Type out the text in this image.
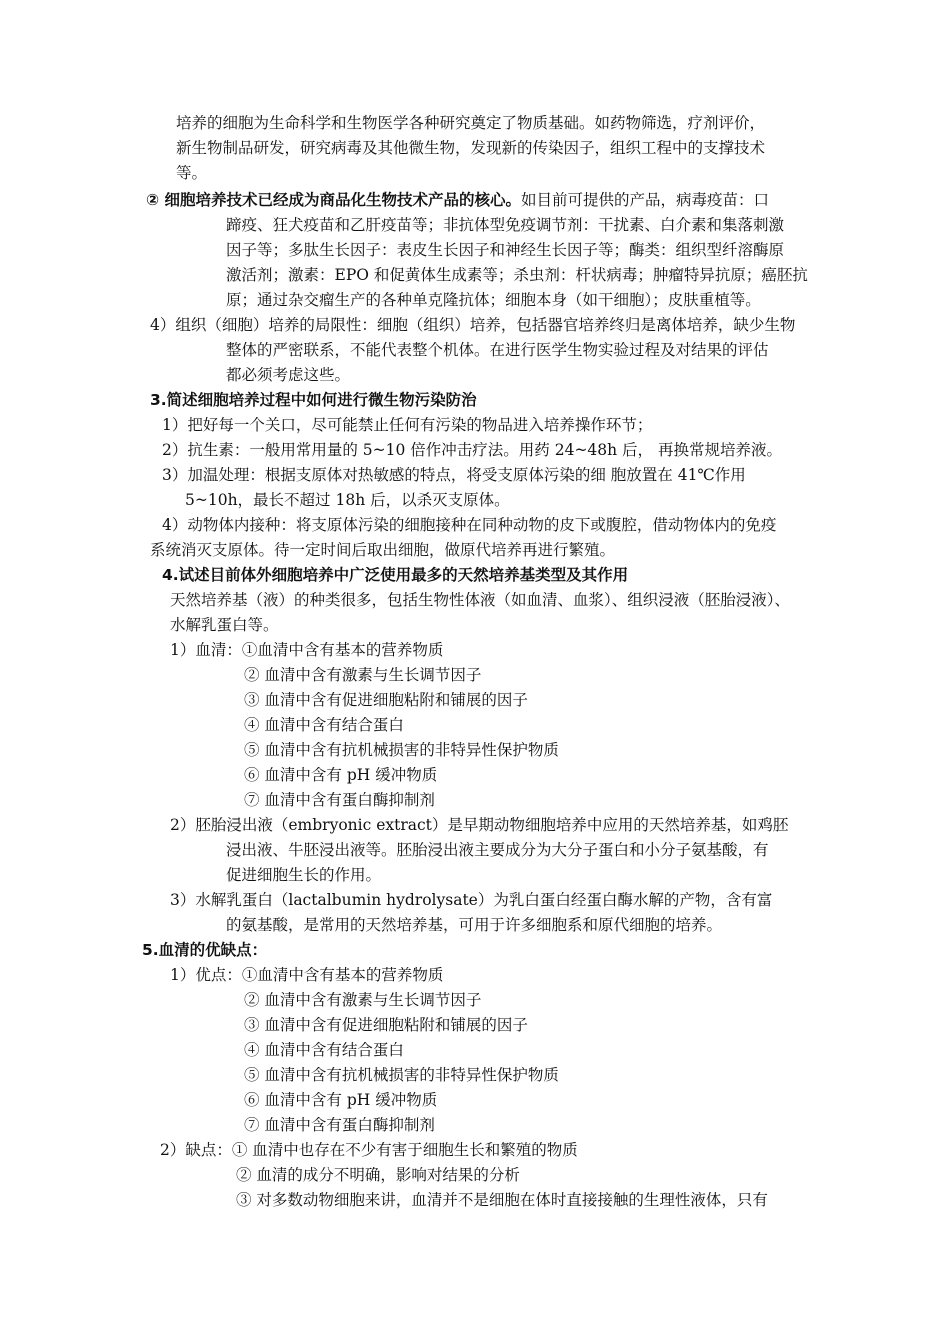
培养的细胞为生命科学和生物医学各种研究奠定了物质基础。如药物筛选，疗剂评价，
新生物制品研发，研究病毒及其他微生物，发现新的传染因子，组织工程中的支撑技术
等。
② 细胞培养技术已经成为商品化生物技术产品的核心。如目前可提供的产品，病毒疫苗：口
蹄疫、狂犬疫苗和乙肝疫苗等；非抗体型免疫调节剂：干扰素、白介素和集落刺激
因子等；多肽生长因子：表皮生长因子和神经生长因子等；酶类：组织型纤溶酶原
激活剂；激素：EPO 和促黄体生成素等；杀虫剂：杆状病毒；肿瘤特异抗原；癌胚抗
原；通过杂交瘤生产的各种单克隆抗体；细胞本身（如干细胞）；皮肤重植等。
4）组织（细胞）培养的局限性：细胞（组织）培养，包括器官培养终归是离体培养，缺少生物
整体的严密联系，不能代表整个机体。在进行医学生物实验过程及对结果的评估
都必须考虑这些。
3.简述细胞培养过程中如何进行微生物污染防治
1）把好每一个关口，尽可能禁止任何有污染的物品进入培养操作环节；
2）抗生素：一般用常用量的 5~10 倍作冲击疗法。用药 24~48h 后， 再换常规培养液。
3）加温处理：根据支原体对热敏感的特点，将受支原体污染的细 胞放置在 41℃作用
5~10h，最长不超过 18h 后，以杀灭支原体。
4）动物体内接种：将支原体污染的细胞接种在同种动物的皮下或腹腔，借动物体内的免疫
系统消灭支原体。待一定时间后取出细胞，做原代培养再进行繁殖。
4.试述目前体外细胞培养中广泛使用最多的天然培养基类型及其作用
天然培养基（液）的种类很多，包括生物性体液（如血清、血浆）、组织浸液（胚胎浸液）、
水解乳蛋白等。
1）血清：①血清中含有基本的营养物质
② 血清中含有激素与生长调节因子
③ 血清中含有促进细胞粘附和铺展的因子
④ 血清中含有结合蛋白
⑤ 血清中含有抗机械损害的非特异性保护物质
⑥ 血清中含有 pH 缓冲物质
⑦ 血清中含有蛋白酶抑制剂
2）胚胎浸出液（embryonic extract）是早期动物细胞培养中应用的天然培养基，如鸡胚
浸出液、牛胚浸出液等。胚胎浸出液主要成分为大分子蛋白和小分子氨基酸，有
促进细胞生长的作用。
3）水解乳蛋白（lactalbumin hydrolysate）为乳白蛋白经蛋白酶水解的产物，含有富
的氨基酸，是常用的天然培养基，可用于许多细胞系和原代细胞的培养。
5.血清的优缺点：
1）优点：①血清中含有基本的营养物质
② 血清中含有激素与生长调节因子
③ 血清中含有促进细胞粘附和铺展的因子
④ 血清中含有结合蛋白
⑤ 血清中含有抗机械损害的非特异性保护物质
⑥ 血清中含有 pH 缓冲物质
⑦ 血清中含有蛋白酶抑制剂
2）缺点：① 血清中也存在不少有害于细胞生长和繁殖的物质
② 血清的成分不明确，影响对结果的分析
③ 对多数动物细胞来讲，血清并不是细胞在体时直接接触的生理性液体，只有
